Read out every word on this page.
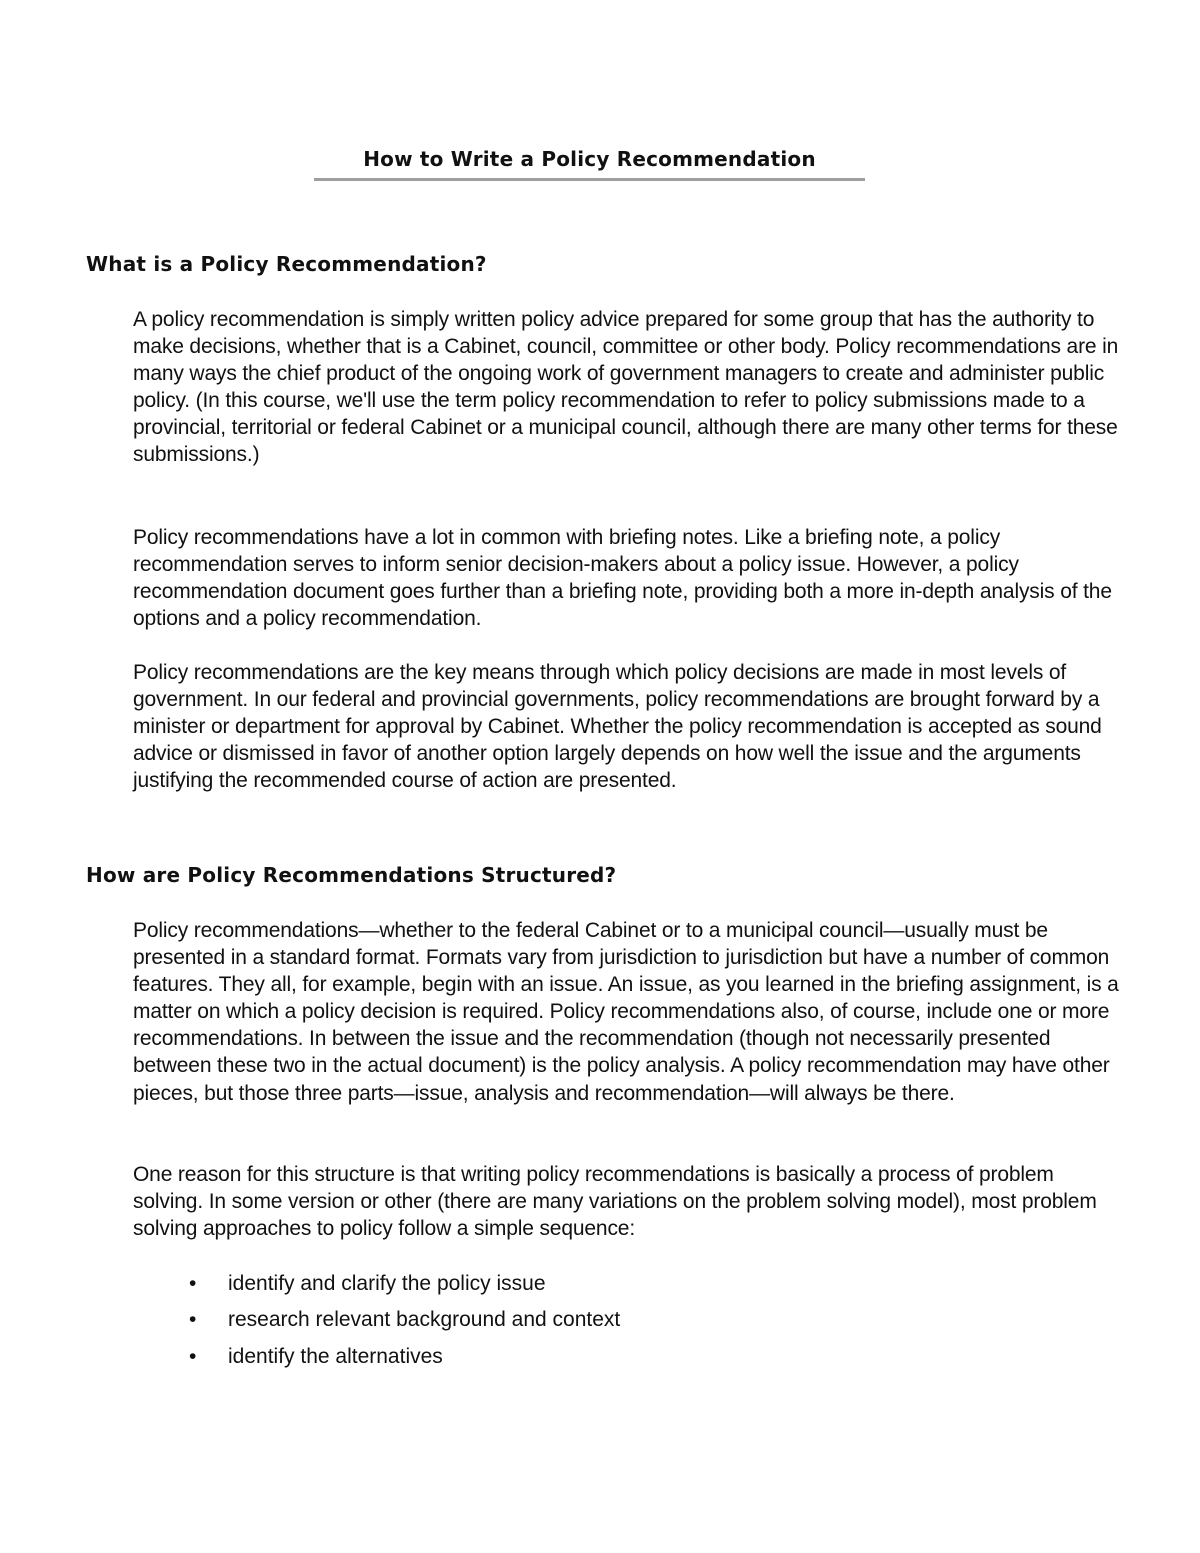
How to Write a Policy Recommendation
What is a Policy Recommendation?

A policy recommendation is simply written policy advice prepared for some group that has the authority to make decisions, whether that is a Cabinet, council, committee or other body. Policy recommendations are in many ways the chief product of the ongoing work of government managers to create and administer public policy. (In this course, we'll use the term policy recommendation to refer to policy submissions made to a provincial, territorial or federal Cabinet or a municipal council, although there are many other terms for these submissions.)

Policy recommendations have a lot in common with briefing notes. Like a briefing note, a policy recommendation serves to inform senior decision-makers about a policy issue. However, a policy recommendation document goes further than a briefing note, providing both a more in-depth analysis of the options and a policy recommendation.

Policy recommendations are the key means through which policy decisions are made in most levels of government. In our federal and provincial governments, policy recommendations are brought forward by a minister or department for approval by Cabinet. Whether the policy recommendation is accepted as sound advice or dismissed in favor of another option largely depends on how well the issue and the arguments justifying the recommended course of action are presented.

How are Policy Recommendations Structured?

Policy recommendations—whether to the federal Cabinet or to a municipal council—usually must be presented in a standard format. Formats vary from jurisdiction to jurisdiction but have a number of common features. They all, for example, begin with an issue. An issue, as you learned in the briefing assignment, is a matter on which a policy decision is required. Policy recommendations also, of course, include one or more recommendations. In between the issue and the recommendation (though not necessarily presented between these two in the actual document) is the policy analysis. A policy recommendation may have other pieces, but those three parts—issue, analysis and recommendation—will always be there.

One reason for this structure is that writing policy recommendations is basically a process of problem solving. In some version or other (there are many variations on the problem solving model), most problem solving approaches to policy follow a simple sequence:

• identify and clarify the policy issue
• research relevant background and context
• identify the alternatives
